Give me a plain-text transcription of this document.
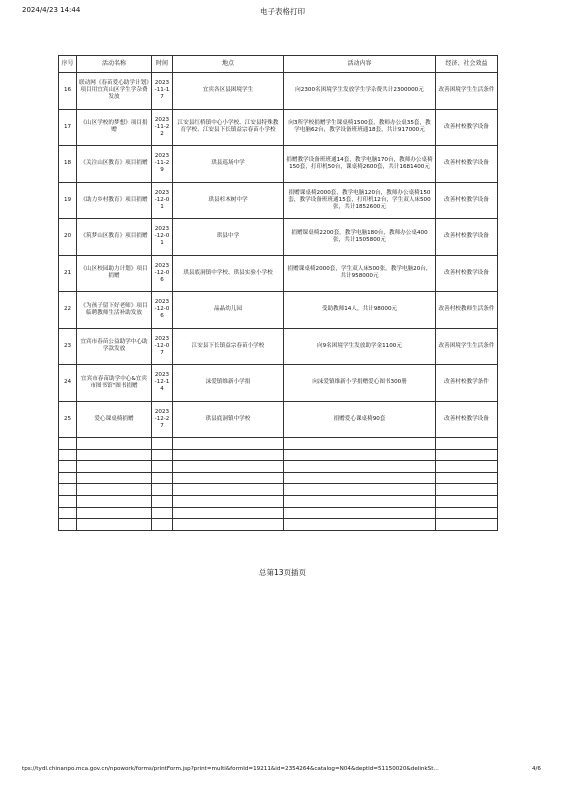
2024/4/23 14:44	电子表格打印
序号	活动名称	时间	地点	活动内容	经济、社会效益
16	联动网《春苗爱心助学计划》项目用宜宾山区学生学杂费发放	2023-11-17	宜宾各区县困境学生	向2300名困境学生发放学生学杂费共计2300000元	改善困境学生生活条件
17	《山区学校的梦想》项目捐赠	2023-11-22	江安县红桥镇中心小学校、江安县特殊教育学校、江安县下长镇益宗春苗小学校	向3所学校捐赠学生课桌椅1500套，教师办公桌35套，教学电脑62台，教学设备班班通18套，共计917000元	改善村校教学设备
18	《关注山区教育》项目捐赠	2023-11-29	珙县巡场中学	捐赠教学设备班班通14套，教学电脑170台，教师办公桌椅150套，打印机50台，课桌椅2600套，共计1681400元	改善村校教学设备
19	《助力乡村教育》项目捐赠	2023-12-01	珙县杉木树中学	捐赠课桌椅2000套，教学电脑120台，教师办公桌椅150套，教学设备班班通15套，打印机12台，学生双人床500张，共计1852600元	改善村校教学设备
20	《筑梦山区教育》项目捐赠	2023-12-01	珙县中学	捐赠课桌椅2200套，教学电脑180台，教师办公桌400张，共计1505800元	改善村校教学设备
21	《山区校园助力计划》项目捐赠	2023-12-06	珙县底洞镇中学校、珙县实验小学校	捐赠课桌椅2000套，学生双人床500张，教学电脑20台，共计958000元	改善村校教学设备
22	《为孩子留下好老师》项目临聘教师生活补助发放	2023-12-06	晶晶幼儿园	受助教师14人，共计98000元	改善村校教师生活条件
23	宜宾市春苗公益助学中心助学款发放	2023-12-07	江安县下长镇益宗春苗小学校	向9名困境学生发放助学金1100元	改善困境学生生活条件
24	宜宾市春苗助学中心&宜宾市图书馆"图书捐赠	2023-12-14	沫爱镇维新小学捐	向沫爱镇维新小学捐赠爱心图书300册	改善村校教学条件
25	爱心课桌椅捐赠	2023-12-27	珙县底洞镇中学校	捐赠爱心课桌椅90套	改善村校教学设备

总第13页插页
tps://tydl.chinanpo.mca.gov.cn/npowork/forms/printForm.jsp?print=multi&formId=19211&id=2354264&catalog=N04&deptId=51150020&delinkSt...	4/6
